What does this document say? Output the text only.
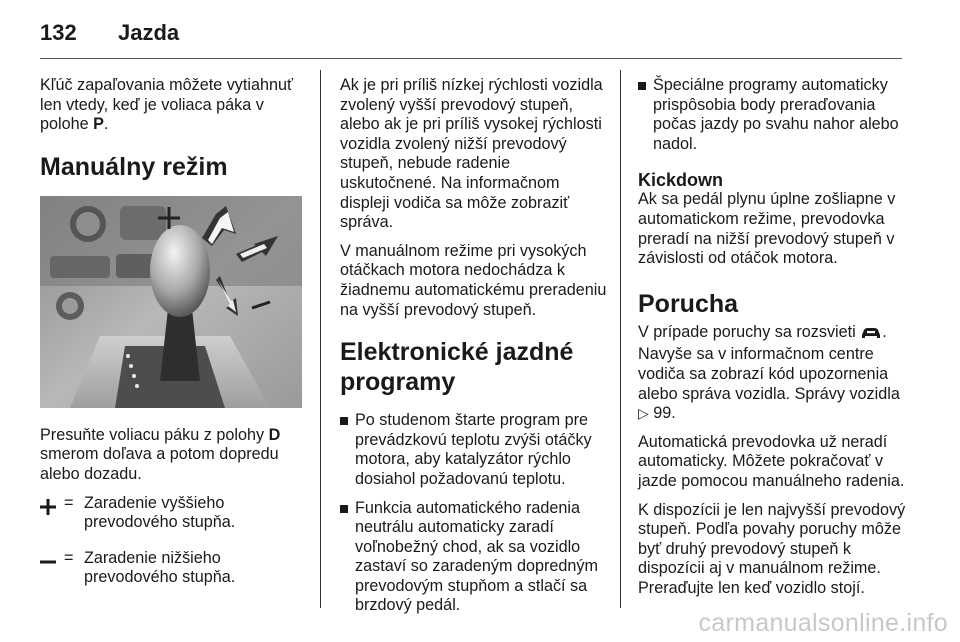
132 Jazda

Kľúč zapaľovania môžete vytiahnuť len vtedy, keď je voliaca páka v polohe P.

Manuálny režim

Presuňte voliacu páku z polohy D smerom doľava a potom dopredu alebo dozadu.

= Zaradenie vyššieho prevodového stupňa.
= Zaradenie nižšieho prevodového stupňa.

Ak je pri príliš nízkej rýchlosti vozidla zvolený vyšší prevodový stupeň, alebo ak je pri príliš vysokej rýchlosti vozidla zvolený nižší prevodový stupeň, nebude radenie uskutočnené. Na informačnom displeji vodiča sa môže zobraziť správa.

V manuálnom režime pri vysokých otáčkach motora nedochádza k žiadnemu automatickému preradeniu na vyšší prevodový stupeň.

Elektronické jazdné programy
Po studenom štarte program pre prevádzkovú teplotu zvýši otáčky motora, aby katalyzátor rýchlo dosiahol požadovanú teplotu.
Funkcia automatického radenia neutrálu automaticky zaradí voľnobežný chod, ak sa vozidlo zastaví so zaradeným dopredným prevodovým stupňom a stlačí sa brzdový pedál.
Špeciálne programy automaticky prispôsobia body preraďovania počas jazdy po svahu nahor alebo nadol.
Kickdown

Ak sa pedál plynu úplne zošliapne v automatickom režime, prevodovka preradí na nižší prevodový stupeň v závislosti od otáčok motora.

Porucha

V prípade poruchy sa rozsvieti . Navyše sa v informačnom centre vodiča sa zobrazí kód upozornenia alebo správa vozidla. Správy vozidla ▷ 99.

Automatická prevodovka už neradí automaticky. Môžete pokračovať v jazde pomocou manuálneho radenia.

K dispozícii je len najvyšší prevodový stupeň. Podľa povahy poruchy môže byť druhý prevodový stupeň k dispozícii aj v manuálnom režime. Preraďujte len keď vozidlo stojí.

carmanualsonline.info
